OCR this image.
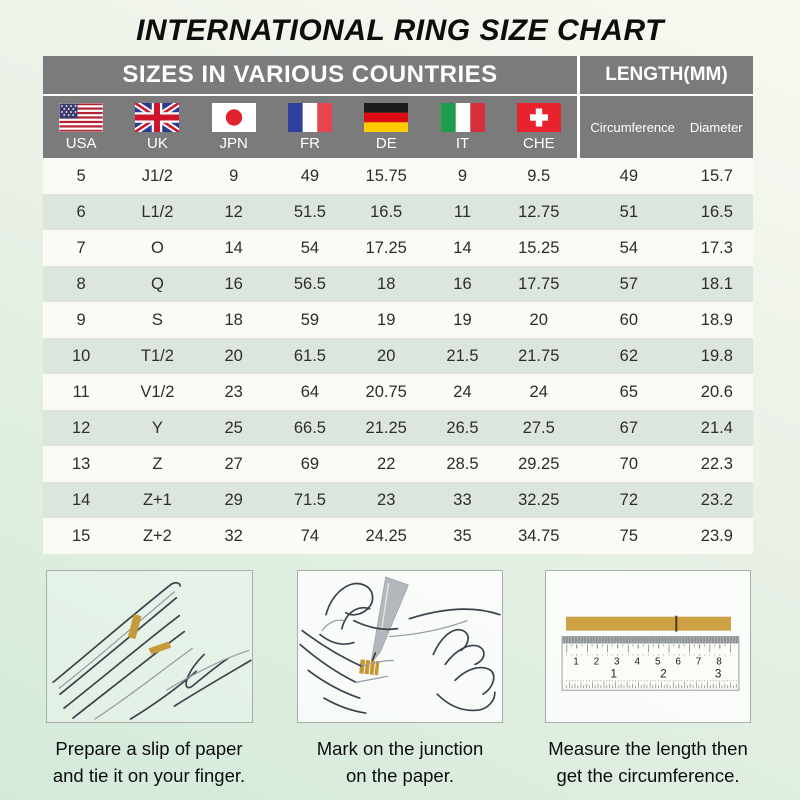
INTERNATIONAL RING SIZE CHART
SIZES IN VARIOUS COUNTRIES	LENGTH(MM)
USA	UK	JPN	FR	DE	IT	CHE
Circumference Diameter
5	J1/2	9	49	15.75	9	9.5	49	15.7
6	L1/2	12	51.5	16.5	11	12.75	51	16.5
7	O	14	54	17.25	14	15.25	54	17.3
8	Q	16	56.5	18	16	17.75	57	18.1
9	S	18	59	19	19	20	60	18.9
10	T1/2	20	61.5	20	21.5	21.75	62	19.8
11	V1/2	23	64	20.75	24	24	65	20.6
12	Y	25	66.5	21.25	26.5	27.5	67	21.4
13	Z	27	69	22	28.5	29.25	70	22.3
14	Z+1	29	71.5	23	33	32.25	72	23.2
15	Z+2	32	74	24.25	35	34.75	75	23.9
1 2 3 4 5 6 7 8
1	2	3
Prepare a slip of paper
and tie it on your finger.
Mark on the junction
on the paper.
Measure the length then
get the circumference.
